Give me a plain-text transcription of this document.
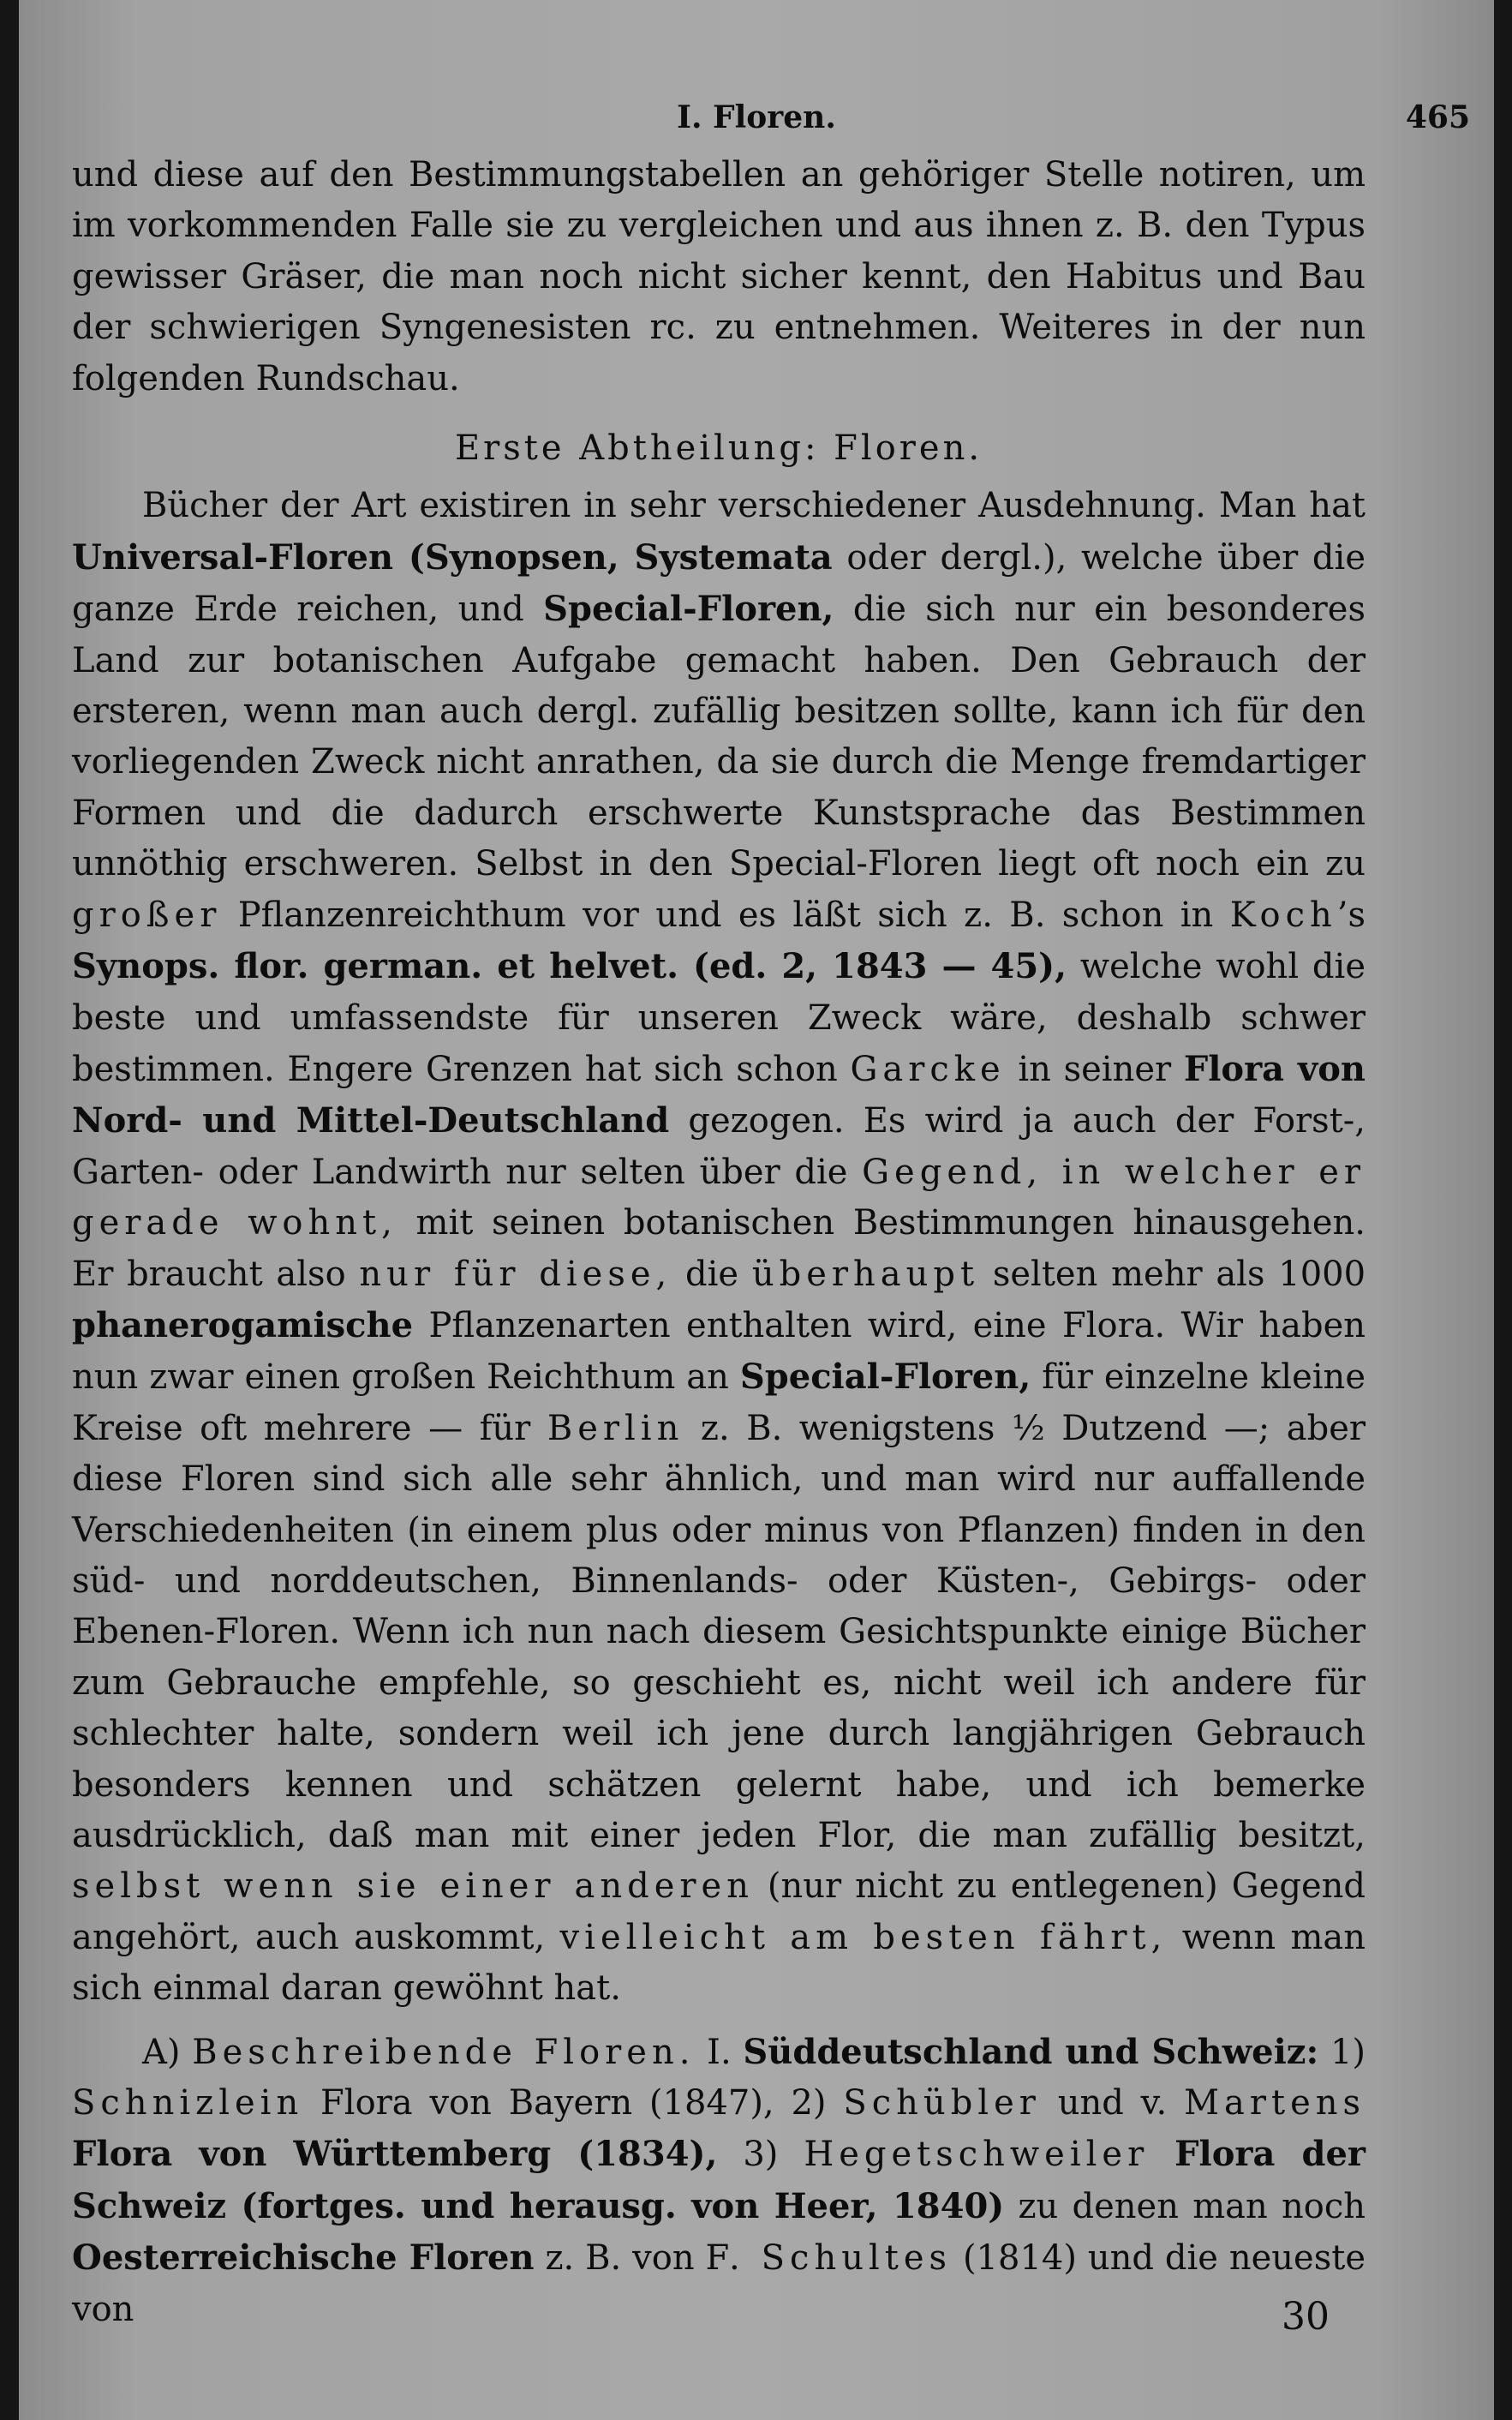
I. Floren.	465

und diese auf den Bestimmungstabellen an gehöriger Stelle notiren, um im vorkommenden Falle sie zu vergleichen und aus ihnen z. B. den Typus gewisser Gräser, die man noch nicht sicher kennt, den Habitus und Bau der schwierigen Syngenesisten rc. zu entnehmen. Weiteres in der nun folgenden Rundschau.

Erste Abtheilung: Floren.

Bücher der Art existiren in sehr verschiedener Ausdehnung. Man hat Universal-Floren (Synopsen, Systemata oder dergl.), welche über die ganze Erde reichen, und Special-Floren, die sich nur ein besonderes Land zur botanischen Aufgabe gemacht haben. Den Gebrauch der ersteren, wenn man auch dergl. zufällig besitzen sollte, kann ich für den vorliegenden Zweck nicht anrathen, da sie durch die Menge fremdartiger Formen und die dadurch erschwerte Kunstsprache das Bestimmen unnöthig erschweren. Selbst in den Special-Floren liegt oft noch ein zu großer Pflanzenreichthum vor und es läßt sich z. B. schon in Koch’s Synops. flor. german. et helvet. (ed. 2, 1843 — 45), welche wohl die beste und umfassendste für unseren Zweck wäre, deshalb schwer bestimmen. Engere Grenzen hat sich schon Garcke in seiner Flora von Nord- und Mittel-Deutschland gezogen. Es wird ja auch der Forst-, Garten- oder Landwirth nur selten über die Gegend, in welcher er gerade wohnt, mit seinen botanischen Bestimmungen hinausgehen. Er braucht also nur für diese, die überhaupt selten mehr als 1000 phanerogamische Pflanzenarten enthalten wird, eine Flora. Wir haben nun zwar einen großen Reichthum an Special-Floren, für einzelne kleine Kreise oft mehrere — für Berlin z. B. wenigstens ½ Dutzend —; aber diese Floren sind sich alle sehr ähnlich, und man wird nur auffallende Verschiedenheiten (in einem plus oder minus von Pflanzen) finden in den süd- und norddeutschen, Binnenlands- oder Küsten-, Gebirgs- oder Ebenen-Floren. Wenn ich nun nach diesem Gesichtspunkte einige Bücher zum Gebrauche empfehle, so geschieht es, nicht weil ich andere für schlechter halte, sondern weil ich jene durch langjährigen Gebrauch besonders kennen und schätzen gelernt habe, und ich bemerke ausdrücklich, daß man mit einer jeden Flor, die man zufällig besitzt, selbst wenn sie einer anderen (nur nicht zu entlegenen) Gegend angehört, auch auskommt, vielleicht am besten fährt, wenn man sich einmal daran gewöhnt hat.

A) Beschreibende Floren. I. Süddeutschland und Schweiz: 1) Schnizlein Flora von Bayern (1847), 2) Schübler und v. Martens Flora von Württemberg (1834), 3) Hegetschweiler Flora der Schweiz (fortges. und herausg. von Heer, 1840) zu denen man noch Oesterreichische Floren z. B. von F. Schultes (1814) und die neueste von	30
